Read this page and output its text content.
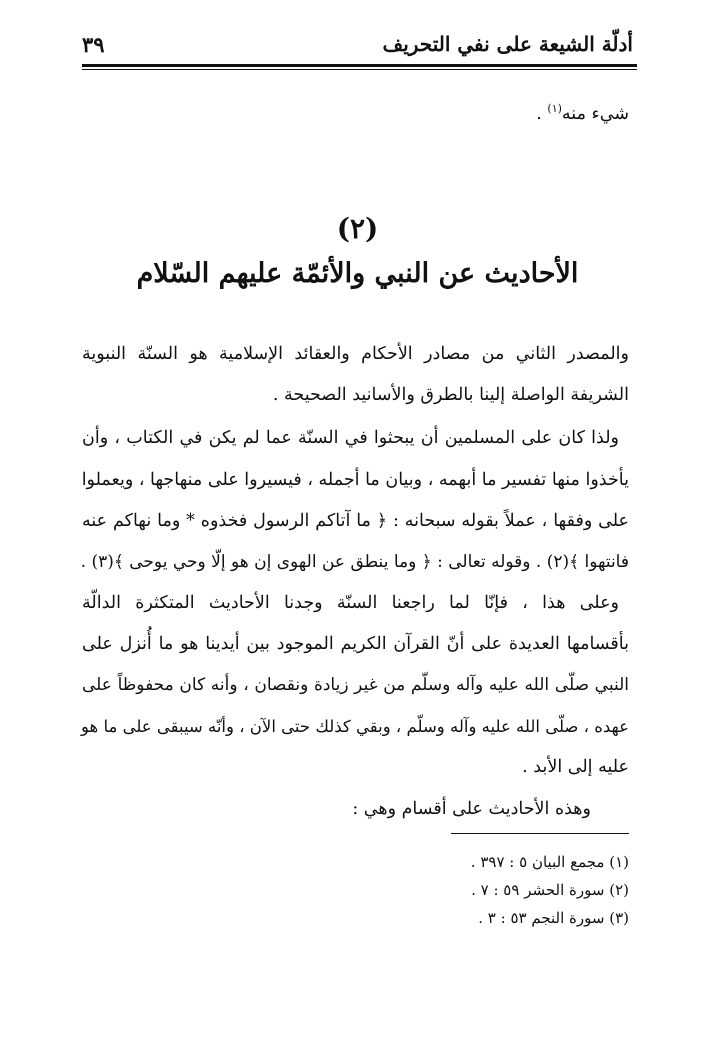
أدلّة الشيعة على نفي التحريف
٣٩
شيء منه$^{(١)}$ .
(٢)
الأحاديث عن النبي والأئمّة عليهم السّلام
والمصدر الثاني من مصادر الأحكام والعقائد الإسلامية هو السنّة النبوية
الشريفة الواصلة إلينا بالطرق والأسانيد الصحيحة .
ولذا كان على المسلمين أن يبحثوا في السنّة عما لم يكن في الكتاب ، وأن
يأخذوا منها تفسير ما أبهمه ، وبيان ما أجمله ، فيسيروا على منهاجها ، ويعملوا
على وفقها ، عملاً بقوله سبحانه : ﴿ ما آتاكم الرسول فخذوه * وما نهاكم عنه
فانتهوا ﴾(٢) . وقوله تعالى : ﴿ وما ينطق عن الهوى إن هو إلّا وحي يوحى ﴾(٣) .
وعلى هذا ، فإنّا لما راجعنا السنّة وجدنا الأحاديث المتكثرة الدالّة
بأقسامها العديدة على أنّ القرآن الكريم الموجود بين أيدينا هو ما أُنزل على
النبي صلّى الله عليه وآله وسلّم من غير زيادة ونقصان ، وأنه كان محفوظاً على
عهده ، صلّى الله عليه وآله وسلّم ، وبقي كذلك حتى الآن ، وأنّه سيبقى على ما هو
عليه إلى الأبد .
وهذه الأحاديث على أقسام وهي :
(١) مجمع البيان ٥ : ٣٩٧ .
(٢) سورة الحشر ٥٩ : ٧ .
(٣) سورة النجم ٥٣ : ٣ .
